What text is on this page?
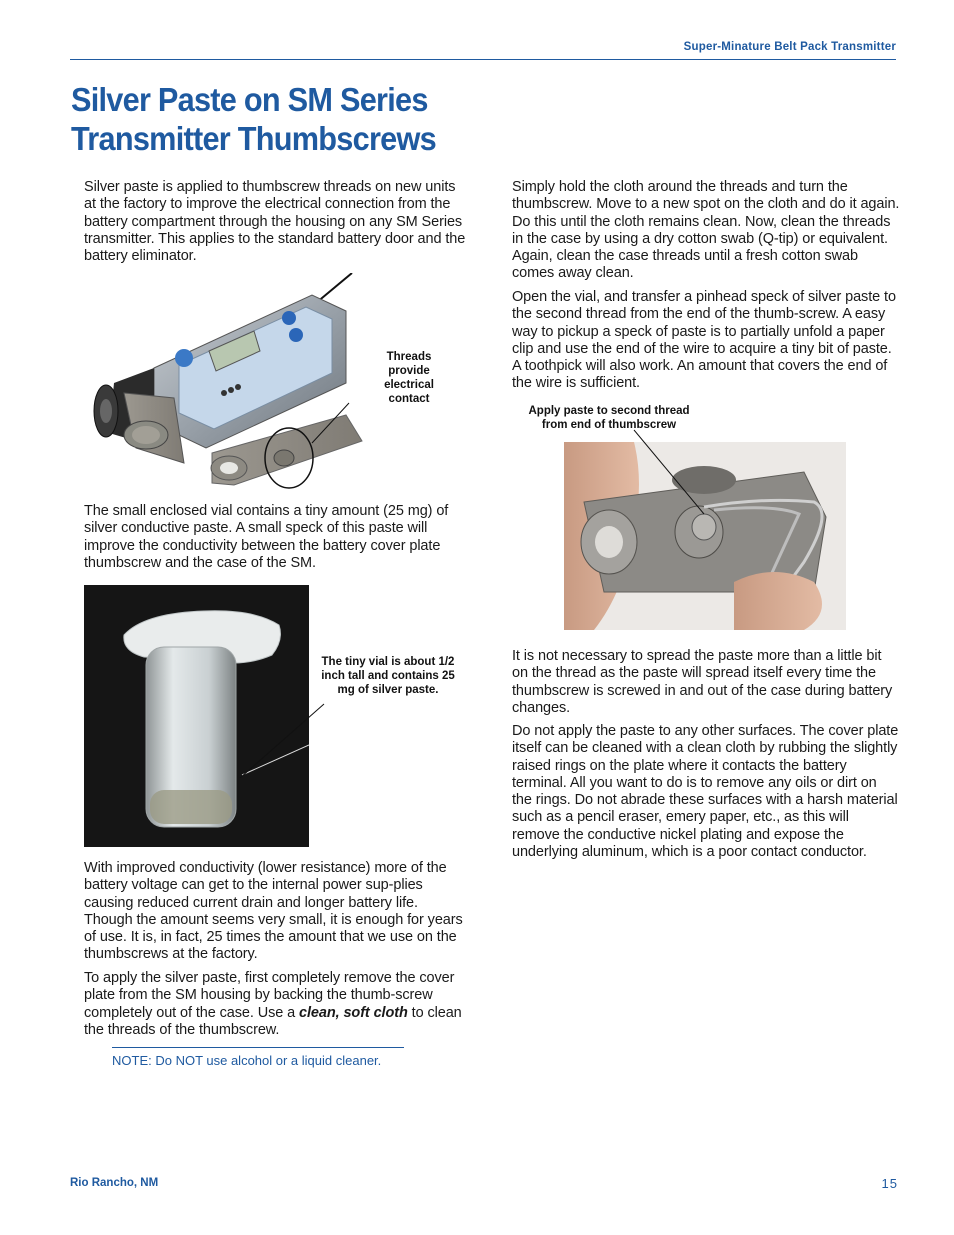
Super-Minature Belt Pack Transmitter
Silver Paste on SM Series Transmitter Thumbscrews

Silver paste is applied to thumbscrew threads on new units at the factory to improve the electrical connection from the battery compartment through the housing on any SM Series transmitter. This applies to the standard battery door and the battery eliminator.

Threads provide electrical contact

The small enclosed vial contains a tiny amount (25 mg) of silver conductive paste. A small speck of this paste will improve the conductivity between the battery cover plate thumbscrew and the case of the SM.

The tiny vial is about 1/2 inch tall and contains 25 mg of silver paste.

With improved conductivity (lower resistance) more of the battery voltage can get to the internal power sup-plies causing reduced current drain and longer battery life. Though the amount seems very small, it is enough for years of use. It is, in fact, 25 times the amount that we use on the thumbscrews at the factory.

To apply the silver paste, first completely remove the cover plate from the SM housing by backing the thumb-screw completely out of the case. Use a clean, soft cloth to clean the threads of the thumbscrew.

NOTE: Do NOT use alcohol or a liquid cleaner.

Simply hold the cloth around the threads and turn the thumbscrew. Move to a new spot on the cloth and do it again. Do this until the cloth remains clean. Now, clean the threads in the case by using a dry cotton swab (Q-tip) or equivalent. Again, clean the case threads until a fresh cotton swab comes away clean.

Open the vial, and transfer a pinhead speck of silver paste to the second thread from the end of the thumb-screw. A easy way to pickup a speck of paste is to partially unfold a paper clip and use the end of the wire to acquire a tiny bit of paste. A toothpick will also work. An amount that covers the end of the wire is sufficient.

Apply paste to second thread from end of thumbscrew

It is not necessary to spread the paste more than a little bit on the thread as the paste will spread itself every time the thumbscrew is screwed in and out of the case during battery changes.

Do not apply the paste to any other surfaces. The cover plate itself can be cleaned with a clean cloth by rubbing the slightly raised rings on the plate where it contacts the battery terminal. All you want to do is to remove any oils or dirt on the rings. Do not abrade these surfaces with a harsh material such as a pencil eraser, emery paper, etc., as this will remove the conductive nickel plating and expose the underlying aluminum, which is a poor contact conductor.

Rio Rancho, NM	15
